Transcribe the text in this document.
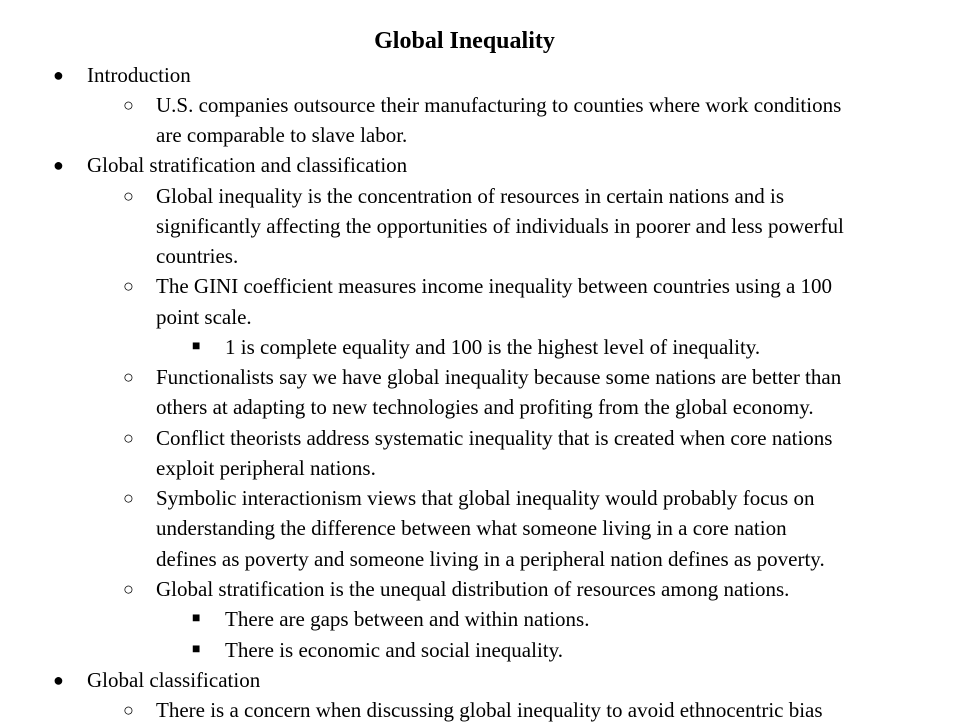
Global Inequality
● Introduction
○ U.S. companies outsource their manufacturing to counties where work conditions
are comparable to slave labor.
● Global stratification and classification
○ Global inequality is the concentration of resources in certain nations and is
significantly affecting the opportunities of individuals in poorer and less powerful
countries.
○ The GINI coefficient measures income inequality between countries using a 100
point scale.
■ 1 is complete equality and 100 is the highest level of inequality.
○ Functionalists say we have global inequality because some nations are better than
others at adapting to new technologies and profiting from the global economy.
○ Conflict theorists address systematic inequality that is created when core nations
exploit peripheral nations.
○ Symbolic interactionism views that global inequality would probably focus on
understanding the difference between what someone living in a core nation
defines as poverty and someone living in a peripheral nation defines as poverty.
○ Global stratification is the unequal distribution of resources among nations.
■ There are gaps between and within nations.
■ There is economic and social inequality.
● Global classification
○ There is a concern when discussing global inequality to avoid ethnocentric bias
